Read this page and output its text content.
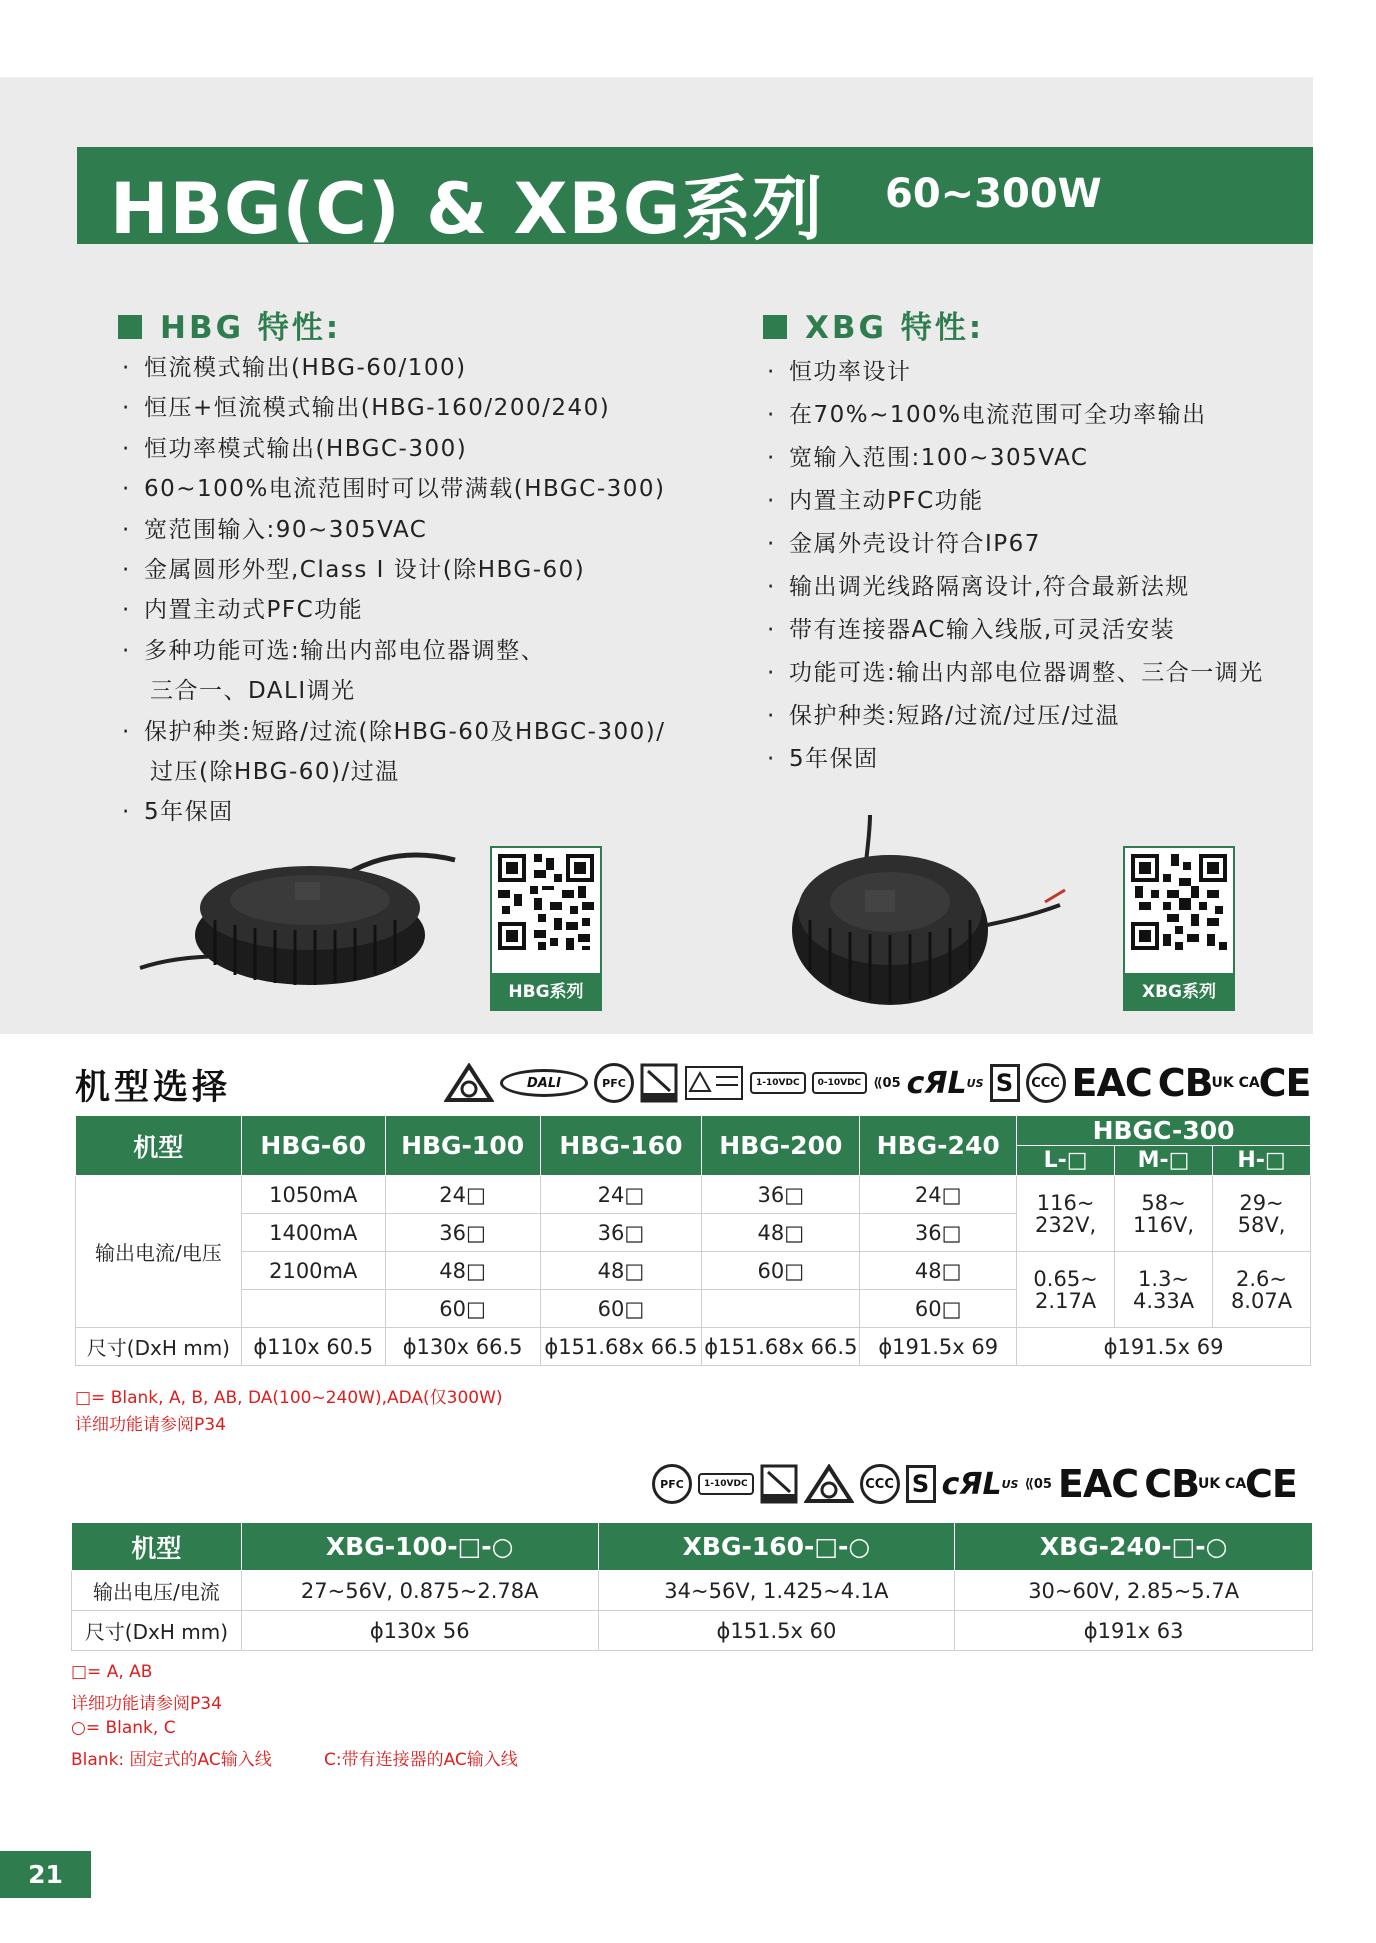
HBG(C) & XBG系列 60~300W
HBG 特性:
· 恒流模式输出(HBG-60/100)
· 恒压+恒流模式输出(HBG-160/200/240)
· 恒功率模式输出(HBGC-300)
· 60~100%电流范围时可以带满载(HBGC-300)
· 宽范围输入:90~305VAC
· 金属圆形外型,Class I 设计(除HBG-60)
· 内置主动式PFC功能
· 多种功能可选:输出内部电位器调整、
三合一、DALI调光
· 保护种类:短路/过流(除HBG-60及HBGC-300)/
过压(除HBG-60)/过温
· 5年保固
XBG 特性:
· 恒功率设计
· 在70%~100%电流范围可全功率输出
· 宽输入范围:100~305VAC
· 内置主动PFC功能
· 金属外壳设计符合IP67
· 输出调光线路隔离设计,符合最新法规
· 带有连接器AC输入线版,可灵活安装
· 功能可选:输出内部电位器调整、三合一调光
· 保护种类:短路/过流/过压/过温
· 5年保固
HBG系列	XBG系列
机型选择	DALI	PFC	1-10VDC	0-10VDC ⟪ 05 ᴄ ЯL US S	CCC EAC CB
UK CA
CE
机型	HBG-60	HBG-100	HBG-160	HBG-200	HBG-240	HBGC-300		
						L-□	M-□	H-□
输出电流/电压	1050mA	24□	24□	36□	24□	116~ 232V,	58~ 116V,	29~ 58V,
	1400mA	36□	36□	48□	36□			
	2100mA	48□	48□	60□	48□	0.65~ 2.17A	1.3~ 4.33A	2.6~ 8.07A
		60□	60□		60□			
尺寸(DxH mm)	ϕ110x 60.5	ϕ130x 66.5	ϕ151.68x 66.5	ϕ151.68x 66.5	ϕ191.5x 69	ϕ191.5x 69		
□= Blank, A, B, AB, DA(100~240W),ADA(仅300W)
详细功能请参阅P34
PFC	1-10VDC	CCC S ᴄ ЯL US ⟪ 05 EAC CB
UK CA
CE
机型	XBG-100-□-○	XBG-160-□-○	XBG-240-□-○
输出电压/电流	27~56V, 0.875~2.78A	34~56V, 1.425~4.1A	30~60V, 2.85~5.7A
尺寸(DxH mm)	ϕ130x 56	ϕ151.5x 60	ϕ191x 63
□= A, AB
详细功能请参阅P34
○= Blank, C
Blank: 固定式的AC输入线	C:带有连接器的AC输入线
21
